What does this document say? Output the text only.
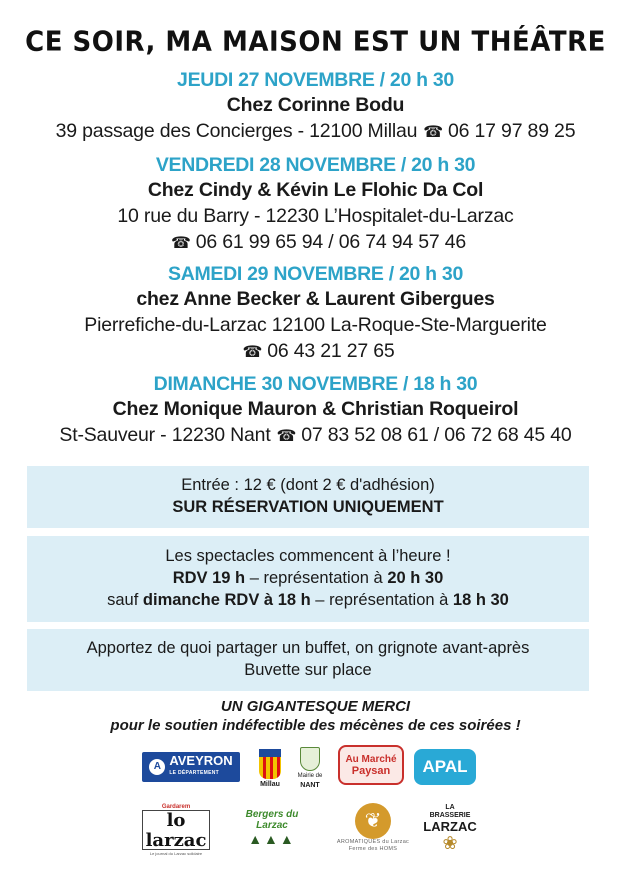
CE SOIR, MA MAISON EST UN THÉÂTRE
JEUDI 27 NOVEMBRE / 20 h 30
Chez Corinne Bodu
39 passage des Concierges - 12100 Millau ☎ 06 17 97 89 25
VENDREDI 28 NOVEMBRE / 20 h 30
Chez Cindy & Kévin Le Flohic Da Col
10 rue du Barry - 12230 L’Hospitalet-du-Larzac
☎ 06 61 99 65 94 / 06 74 94 57 46
SAMEDI 29 NOVEMBRE / 20 h 30
chez Anne Becker & Laurent Gibergues
Pierrefiche-du-Larzac 12100 La-Roque-Ste-Marguerite
☎ 06 43 21 27 65
DIMANCHE 30 NOVEMBRE / 18 h 30
Chez Monique Mauron & Christian Roqueirol
St-Sauveur - 12230 Nant ☎ 07 83 52 08 61 / 06 72 68 45 40
Entrée : 12 € (dont 2 € d'adhésion)
SUR RÉSERVATION UNIQUEMENT
Les spectacles commencent à l’heure !
RDV 19 h – représentation à 20 h 30
sauf dimanche RDV à 18 h – représentation à 18 h 30
Apportez de quoi partager un buffet, on grignote avant-après
Buvette sur place
UN GIGANTESQUE MERCI
pour le soutien indéfectible des mécènes de ces soirées !
A AVEYRON
LE DÉPARTEMENT
Millau
Mairie de
NANT
Au Marché
Paysan APAL
Gardarem
lo larzac
Le journal du Larzac solidaire
Bergers du Larzac
▲▲▲
❦
AROMATIQUES du Larzac
Ferme des HOMS
LA BRASSERIE
LARZAC
❀
